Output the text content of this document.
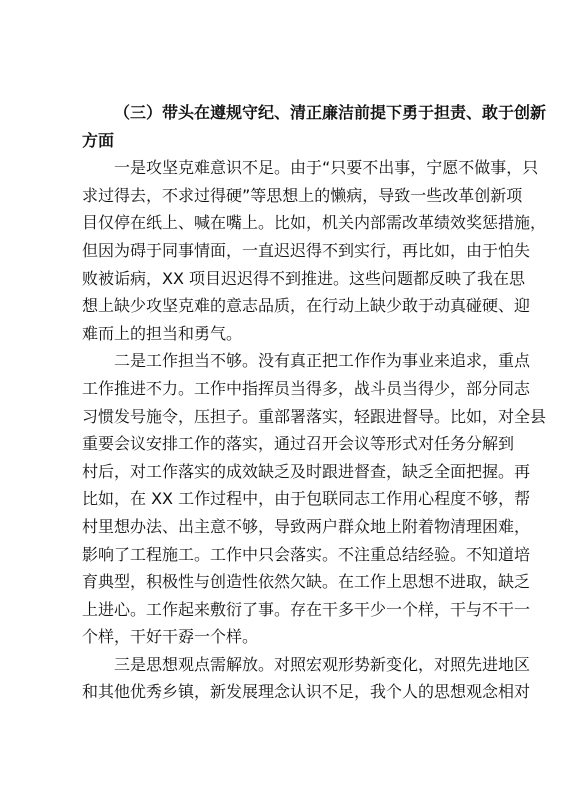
（三）带头在遵规守纪、清正廉洁前提下勇于担责、敢于创新
方面
一是攻坚克难意识不足。由于“只要不出事，宁愿不做事，只
求过得去，不求过得硬”等思想上的懒病，导致一些改革创新项
目仅停在纸上、喊在嘴上。比如，机关内部需改革绩效奖惩措施，
但因为碍于同事情面，一直迟迟得不到实行，再比如，由于怕失
败被诟病，XX 项目迟迟得不到推进。这些问题都反映了我在思
想上缺少攻坚克难的意志品质，在行动上缺少敢于动真碰硬、迎
难而上的担当和勇气。
二是工作担当不够。没有真正把工作作为事业来追求，重点
工作推进不力。工作中指挥员当得多，战斗员当得少，部分同志
习惯发号施令，压担子。重部署落实，轻跟进督导。比如，对全县
重要会议安排工作的落实，通过召开会议等形式对任务分解到
村后，对工作落实的成效缺乏及时跟进督查，缺乏全面把握。再
比如，在 XX 工作过程中，由于包联同志工作用心程度不够，帮
村里想办法、出主意不够，导致两户群众地上附着物清理困难，
影响了工程施工。工作中只会落实。不注重总结经验。不知道培
育典型，积极性与创造性依然欠缺。在工作上思想不进取，缺乏
上进心。工作起来敷衍了事。存在干多干少一个样，干与不干一
个样，干好干孬一个样。
三是思想观点需解放。对照宏观形势新变化，对照先进地区
和其他优秀乡镇，新发展理念认识不足，我个人的思想观念相对
